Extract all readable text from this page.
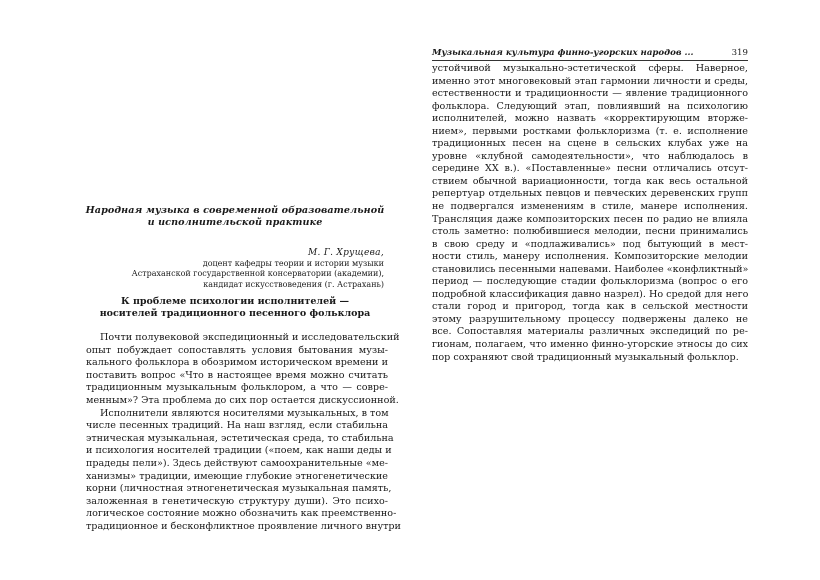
Народная музыка в современной образовательной
и исполнительской практике
М. Г. Хрущева,
доцент кафедры теории и истории музыки
Астраханской государственной консерватории (академии),
кандидат искусствоведения (г. Астрахань)
К проблеме психологии исполнителей —
носителей традиционного песенного фольклора
Почти полувековой экспедиционный и исследовательский
опыт побуждает сопоставлять условия бытования музы-
кального фольклора в обозримом историческом времени и
поставить вопрос «Что в настоящее время можно считать
традиционным музыкальным фольклором, а что — совре-
менным»? Эта проблема до сих пор остается дискуссионной.
Исполнители являются носителями музыкальных, в том
числе песенных традиций. На наш взгляд, если стабильна
этническая музыкальная, эстетическая среда, то стабильна
и психология носителей традиции («поем, как наши деды и
прадеды пели»). Здесь действуют самоохранительные «ме-
ханизмы» традиции, имеющие глубокие этногенетические
корни (личностная этногенетическая музыкальная память,
заложенная в генетическую структуру души). Это психо-
логическое состояние можно обозначить как преемственно-
традиционное и бесконфликтное проявление личного внутри
Музыкальная культура финно-угорских народов ...	319
устойчивой музыкально-эстетической сферы. Наверное,
именно этот многовековый этап гармонии личности и среды,
естественности и традиционности — явление традиционного
фольклора. Следующий этап, повлиявший на психологию
исполнителей, можно назвать «корректирующим вторже-
нием», первыми ростками фольклоризма (т. е. исполнение
традиционных песен на сцене в сельских клубах уже на
уровне «клубной самодеятельности», что наблюдалось в
середине XX в.). «Поставленные» песни отличались отсут-
ствием обычной вариационности, тогда как весь остальной
репертуар отдельных певцов и певческих деревенских групп
не подвергался изменениям в стиле, манере исполнения.
Трансляция даже композиторских песен по радио не влияла
столь заметно: полюбившиеся мелодии, песни принимались
в свою среду и «подлаживались» под бытующий в мест-
ности стиль, манеру исполнения. Композиторские мелодии
становились песенными напевами. Наиболее «конфликтный»
период — последующие стадии фольклоризма (вопрос о его
подробной классификация давно назрел). Но средой для него
стали город и пригород, тогда как в сельской местности
этому разрушительному процессу подвержены далеко не
все. Сопоставляя материалы различных экспедиций по ре-
гионам, полагаем, что именно финно-угорские этносы до сих
пор сохраняют свой традиционный музыкальный фольклор.
